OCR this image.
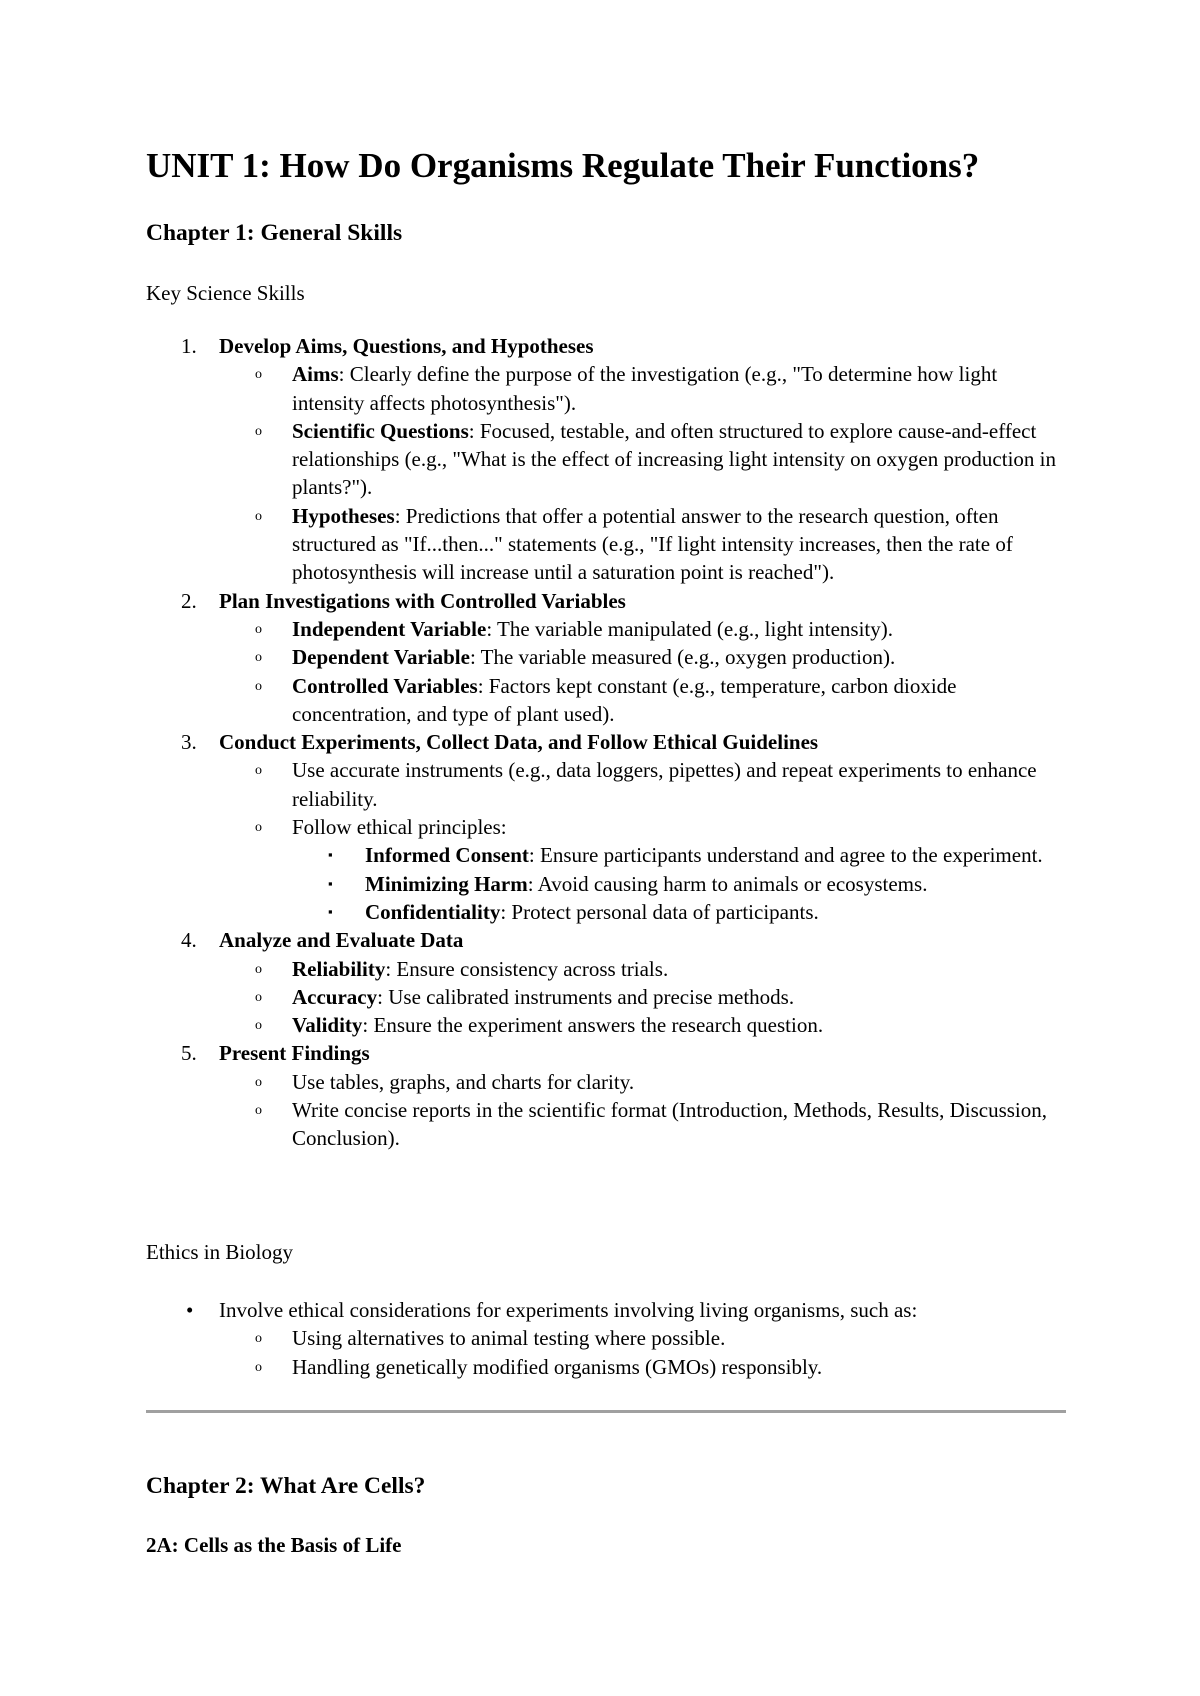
UNIT 1: How Do Organisms Regulate Their Functions?
Chapter 1: General Skills
Key Science Skills
1. Develop Aims, Questions, and Hypotheses
o Aims: Clearly define the purpose of the investigation (e.g., "To determine how light intensity affects photosynthesis").
o Scientific Questions: Focused, testable, and often structured to explore cause-and-effect relationships (e.g., "What is the effect of increasing light intensity on oxygen production in plants?").
o Hypotheses: Predictions that offer a potential answer to the research question, often structured as "If...then..." statements (e.g., "If light intensity increases, then the rate of photosynthesis will increase until a saturation point is reached").
2. Plan Investigations with Controlled Variables
o Independent Variable: The variable manipulated (e.g., light intensity).
o Dependent Variable: The variable measured (e.g., oxygen production).
o Controlled Variables: Factors kept constant (e.g., temperature, carbon dioxide concentration, and type of plant used).
3. Conduct Experiments, Collect Data, and Follow Ethical Guidelines
o Use accurate instruments (e.g., data loggers, pipettes) and repeat experiments to enhance reliability.
o Follow ethical principles:
▪ Informed Consent: Ensure participants understand and agree to the experiment.
▪ Minimizing Harm: Avoid causing harm to animals or ecosystems.
▪ Confidentiality: Protect personal data of participants.
4. Analyze and Evaluate Data
o Reliability: Ensure consistency across trials.
o Accuracy: Use calibrated instruments and precise methods.
o Validity: Ensure the experiment answers the research question.
5. Present Findings
o Use tables, graphs, and charts for clarity.
o Write concise reports in the scientific format (Introduction, Methods, Results, Discussion, Conclusion).
Ethics in Biology
• Involve ethical considerations for experiments involving living organisms, such as:
o Using alternatives to animal testing where possible.
o Handling genetically modified organisms (GMOs) responsibly.
Chapter 2: What Are Cells?
2A: Cells as the Basis of Life
